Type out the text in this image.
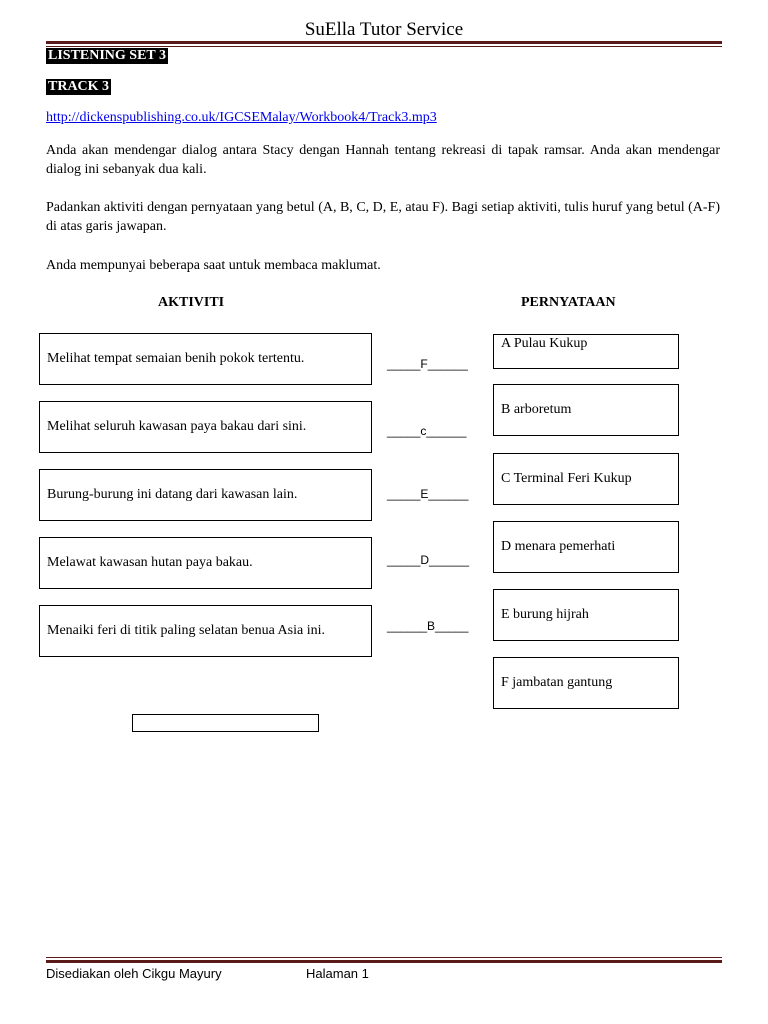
SuElla Tutor Service
LISTENING SET 3
TRACK 3
http://dickenspublishing.co.uk/IGCSEMalay/Workbook4/Track3.mp3
Anda akan mendengar dialog antara Stacy dengan Hannah tentang rekreasi di tapak ramsar. Anda akan mendengar dialog ini sebanyak dua kali.
Padankan aktiviti dengan pernyataan yang betul (A, B, C, D, E, atau F). Bagi setiap aktiviti, tulis huruf yang betul (A-F) di atas garis jawapan.
Anda mempunyai beberapa saat untuk membaca maklumat.
AKTIVITI	PERNYATAAN
Melihat tempat semaian benih pokok tertentu.
Melihat seluruh kawasan paya bakau dari sini.
Burung-burung ini datang dari kawasan lain.
Melawat kawasan hutan paya bakau.
Menaiki feri di titik paling selatan benua Asia ini.
_____F______
_____c______
_____E______
_____D______
______B_____
A Pulau Kukup
B arboretum
C Terminal Feri Kukup
D menara pemerhati
E burung hijrah
F jambatan gantung
Disediakan oleh Cikgu Mayury	Halaman 1
